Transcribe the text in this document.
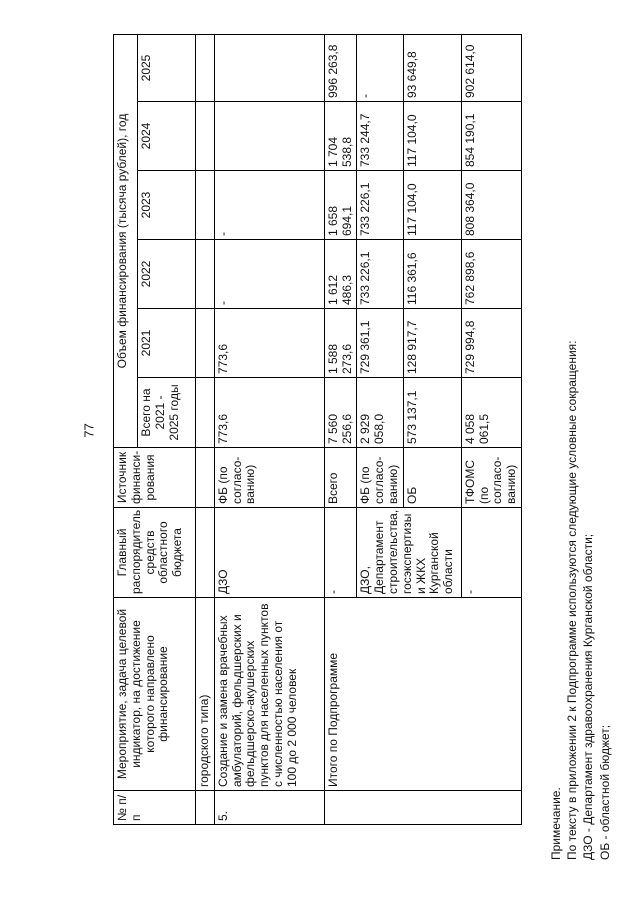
77
№ п/п	Мероприятие, задача целевой индикатор, на достижение которого направлено финансирование	Главный распорядитель средств областного бюджета	Источник финанси-рования	Объем финансирования (тысяча рублей), год					
				Всего на 2021 - 2025 годы	2021	2022	2023	2024	2025
	городского типа)								
5.	Создание и замена врачебных амбулаторий, фельдшерских и фельдшерско-акушерских пунктов для населенных пунктов с численностью населения от 100 до 2 000 человек	ДЗО	ФБ (по согласо-ванию)	773,6	773,6	-	-		
	Итого по Подпрограмме	-	Всего	7 560 256,6	1 588 273,6	1 612 486,3	1 658 694,1	1 704 538,8	996 263,8
		ДЗО, Департамент строительства, госэкспертизы и ЖКХ Курганской области	ФБ (по согласо-ванию)	2 929 058,0	729 361,1	733 226,1	733 226,1	733 244,7	-
			ОБ	573 137,1	128 917,7	116 361,6	117 104,0	117 104,0	93 649,8
		-	ТФОМС (по согласо-ванию)	4 058 061,5	729 994,8	762 898,6	808 364,0	854 190,1	902 614,0
Примечание. По тексту в приложении 2 к Подпрограмме используются следующие условные сокращения: ДЗО - Департамент здравоохранения Курганской области; ОБ - областной бюджет;
